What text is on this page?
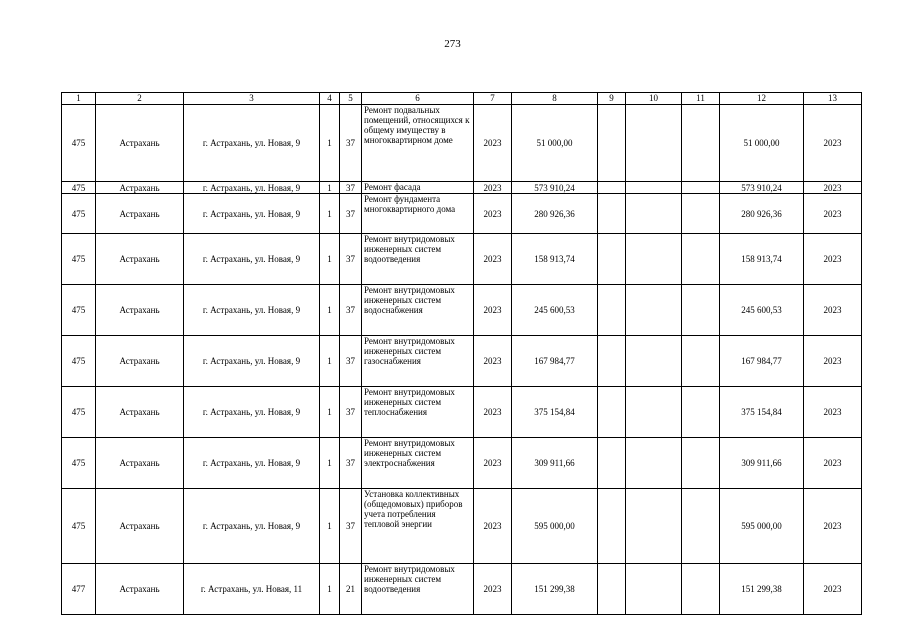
273
1	2	3	4	5	6	7	8	9	10	11	12	13
475	Астрахань	г. Астрахань, ул. Новая, 9	1	37	Ремонт подвальных помещений, относящихся к общему имуществу в многоквартирном доме	2023	51 000,00				51 000,00	2023
475	Астрахань	г. Астрахань, ул. Новая, 9	1	37	Ремонт фасада	2023	573 910,24				573 910,24	2023
475	Астрахань	г. Астрахань, ул. Новая, 9	1	37	Ремонт фундамента многоквартирного дома	2023	280 926,36				280 926,36	2023
475	Астрахань	г. Астрахань, ул. Новая, 9	1	37	Ремонт внутридомовых инженерных систем водоотведения	2023	158 913,74				158 913,74	2023
475	Астрахань	г. Астрахань, ул. Новая, 9	1	37	Ремонт внутридомовых инженерных систем водоснабжения	2023	245 600,53				245 600,53	2023
475	Астрахань	г. Астрахань, ул. Новая, 9	1	37	Ремонт внутридомовых инженерных систем газоснабжения	2023	167 984,77				167 984,77	2023
475	Астрахань	г. Астрахань, ул. Новая, 9	1	37	Ремонт внутридомовых инженерных систем теплоснабжения	2023	375 154,84				375 154,84	2023
475	Астрахань	г. Астрахань, ул. Новая, 9	1	37	Ремонт внутридомовых инженерных систем электроснабжения	2023	309 911,66				309 911,66	2023
475	Астрахань	г. Астрахань, ул. Новая, 9	1	37	Установка коллективных (общедомовых) приборов учета потребления тепловой энергии	2023	595 000,00				595 000,00	2023
477	Астрахань	г. Астрахань, ул. Новая, 11	1	21	Ремонт внутридомовых инженерных систем водоотведения	2023	151 299,38				151 299,38	2023
